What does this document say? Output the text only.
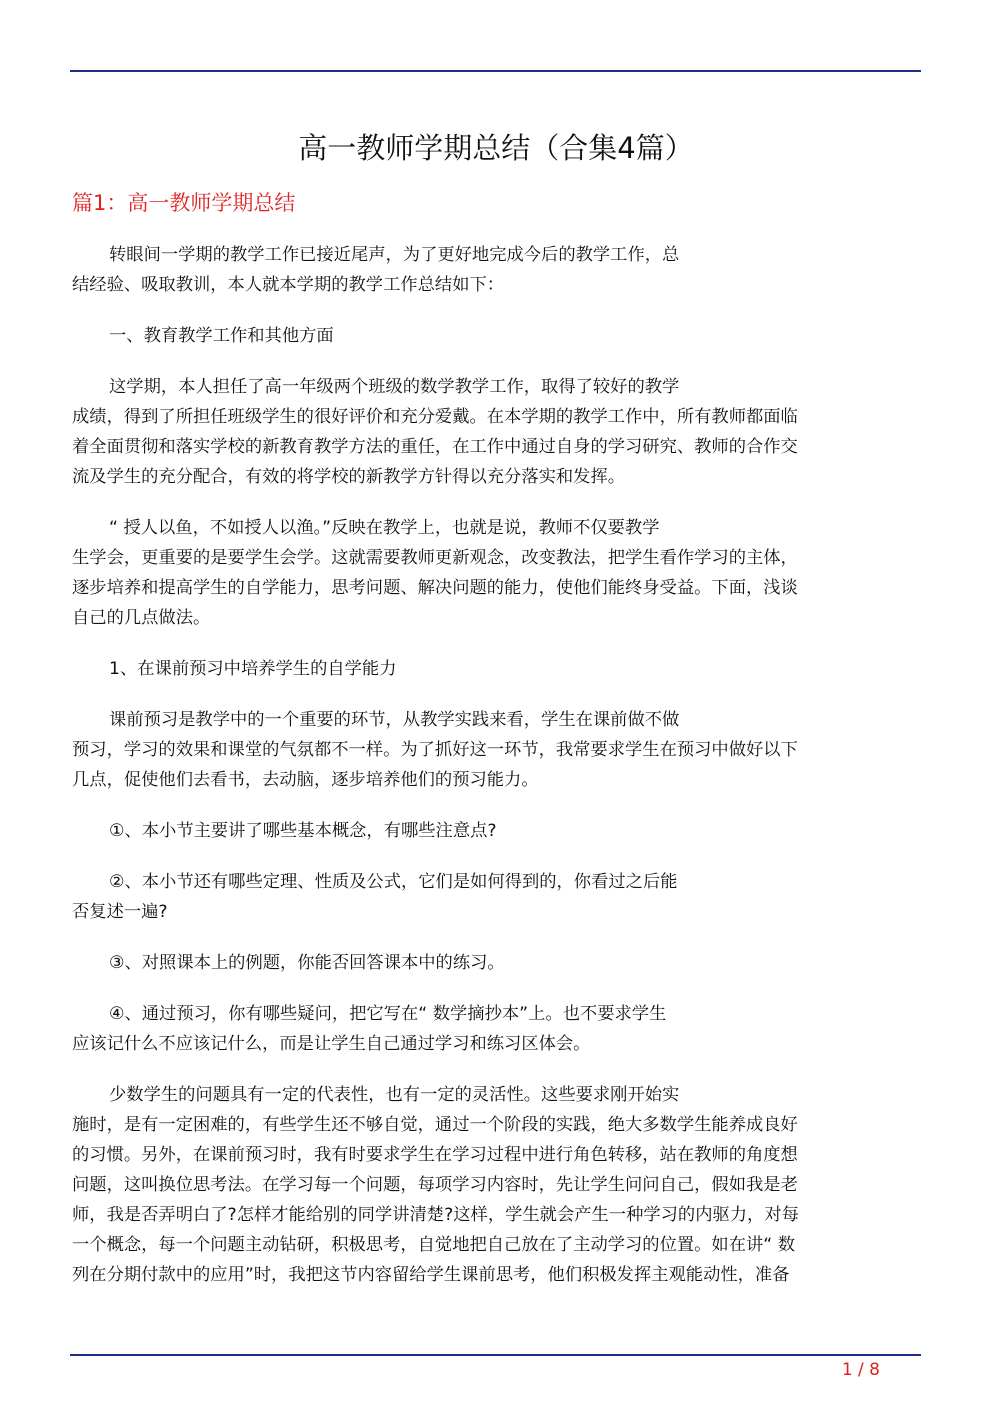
高一教师学期总结（合集4篇）
篇1：高一教师学期总结
转眼间一学期的教学工作已接近尾声，为了更好地完成今后的教学工作，总
结经验、吸取教训，本人就本学期的教学工作总结如下：
一、教育教学工作和其他方面
这学期，本人担任了高一年级两个班级的数学教学工作，取得了较好的教学
成绩，得到了所担任班级学生的很好评价和充分爱戴。在本学期的教学工作中，所有教师都面临
着全面贯彻和落实学校的新教育教学方法的重任，在工作中通过自身的学习研究、教师的合作交
流及学生的充分配合，有效的将学校的新教学方针得以充分落实和发挥。
“ 授人以鱼，不如授人以渔。”反映在教学上，也就是说，教师不仅要教学
生学会，更重要的是要学生会学。这就需要教师更新观念，改变教法，把学生看作学习的主体，
逐步培养和提高学生的自学能力，思考问题、解决问题的能力，使他们能终身受益。下面，浅谈
自己的几点做法。
1、在课前预习中培养学生的自学能力
课前预习是教学中的一个重要的环节，从教学实践来看，学生在课前做不做
预习，学习的效果和课堂的气氛都不一样。为了抓好这一环节，我常要求学生在预习中做好以下
几点，促使他们去看书，去动脑，逐步培养他们的预习能力。
①、本小节主要讲了哪些基本概念，有哪些注意点?
②、本小节还有哪些定理、性质及公式，它们是如何得到的，你看过之后能
否复述一遍?
③、对照课本上的例题，你能否回答课本中的练习。
④、通过预习，你有哪些疑问，把它写在“ 数学摘抄本”上。也不要求学生
应该记什么不应该记什么，而是让学生自己通过学习和练习区体会。
少数学生的问题具有一定的代表性，也有一定的灵活性。这些要求刚开始实
施时，是有一定困难的，有些学生还不够自觉，通过一个阶段的实践，绝大多数学生能养成良好
的习惯。另外，在课前预习时，我有时要求学生在学习过程中进行角色转移，站在教师的角度想
问题，这叫换位思考法。在学习每一个问题，每项学习内容时，先让学生问问自己，假如我是老
师，我是否弄明白了?怎样才能给别的同学讲清楚?这样，学生就会产生一种学习的内驱力，对每
一个概念，每一个问题主动钻研，积极思考，自觉地把自己放在了主动学习的位置。如在讲“ 数
列在分期付款中的应用”时，我把这节内容留给学生课前思考，他们积极发挥主观能动性，准备
1 / 8
